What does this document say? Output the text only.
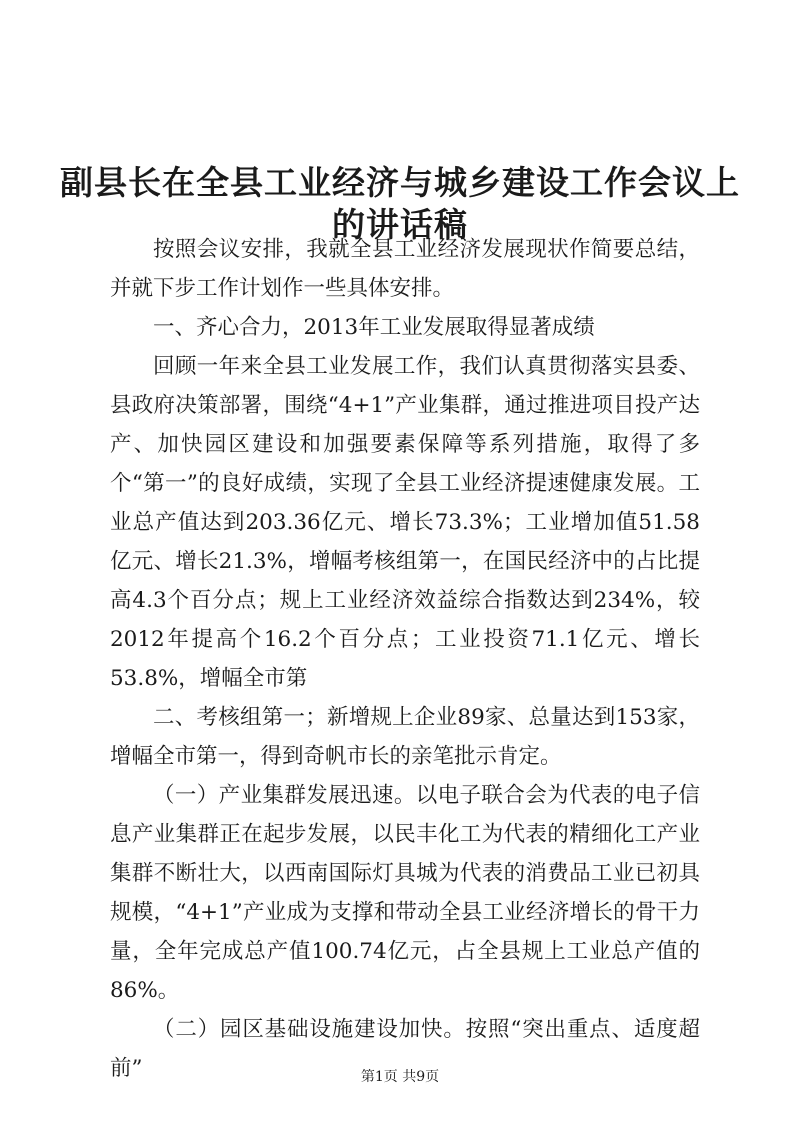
副县长在全县工业经济与城乡建设工作会议上
的讲话稿

按照会议安排，我就全县工业经济发展现状作简要总结，并就下步工作计划作一些具体安排。

一、齐心合力，2013年工业发展取得显著成绩

回顾一年来全县工业发展工作，我们认真贯彻落实县委、县政府决策部署，围绕“4+1”产业集群，通过推进项目投产达产、加快园区建设和加强要素保障等系列措施，取得了多个“第一”的良好成绩，实现了全县工业经济提速健康发展。工业总产值达到203.36亿元、增长73.3%；工业增加值51.58亿元、增长21.3%，增幅考核组第一，在国民经济中的占比提高4.3个百分点；规上工业经济效益综合指数达到234%，较2012年提高个16.2个百分点；工业投资71.1亿元、增长53.8%，增幅全市第

二、考核组第一；新增规上企业89家、总量达到153家，增幅全市第一，得到奇帆市长的亲笔批示肯定。

（一）产业集群发展迅速。以电子联合会为代表的电子信息产业集群正在起步发展，以民丰化工为代表的精细化工产业集群不断壮大，以西南国际灯具城为代表的消费品工业已初具规模，“4+1”产业成为支撑和带动全县工业经济增长的骨干力量，全年完成总产值100.74亿元，占全县规上工业总产值的86%。

（二）园区基础设施建设加快。按照“突出重点、适度超前”	第1页 共9页
